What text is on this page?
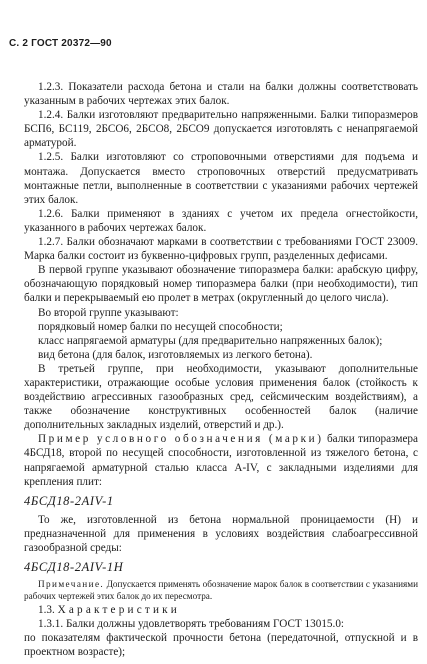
С. 2 ГОСТ 20372—90

1.2.3. Показатели расхода бетона и стали на балки должны соответствовать указанным в рабочих чертежах этих балок.

1.2.4. Балки изготовляют предварительно напряженными. Балки типоразмеров БСП6, БС119, 2БСО6, 2БСО8, 2БСО9 допускается изготовлять с ненапрягаемой арматурой.

1.2.5. Балки изготовляют со строповочными отверстиями для подъема и монтажа. Допускается вместо строповочных отверстий предусматривать монтажные петли, выполненные в соответствии с указаниями рабочих чертежей этих балок.

1.2.6. Балки применяют в зданиях с учетом их предела огнестойкости, указанного в рабочих чертежах балок.

1.2.7. Балки обозначают марками в соответствии с требованиями ГОСТ 23009. Марка балки состоит из буквенно-цифровых групп, разделенных дефисами.

В первой группе указывают обозначение типоразмера балки: арабскую цифру, обозначающую порядковый номер типоразмера балки (при необходимости), тип балки и перекрываемый ею пролет в метрах (округленный до целого числа).

Во второй группе указывают:

порядковый номер балки по несущей способности;

класс напрягаемой арматуры (для предварительно напряженных балок);

вид бетона (для балок, изготовляемых из легкого бетона).

В третьей группе, при необходимости, указывают дополнительные характеристики, отражающие особые условия применения балок (стойкость к воздействию агрессивных газообразных сред, сейсмическим воздействиям), а также обозначение конструктивных особенностей балок (наличие дополнительных закладных изделий, отверстий и др.).

Пример условного обозначения (марки) балки типоразмера 4БСД18, второй по несущей способности, изготовленной из тяжелого бетона, с напрягаемой арматурной сталью класса A-IV, с закладными изделиями для крепления плит:

4БСД18-2AIV-1

То же, изготовленной из бетона нормальной проницаемости (Н) и предназначенной для применения в условиях воздействия слабоагрессивной газообразной среды:

4БСД18-2AIV-1Н

Примечание. Допускается применять обозначение марок балок в соответствии с указаниями рабочих чертежей этих балок до их пересмотра.

1.3. Характеристики

1.3.1. Балки должны удовлетворять требованиям ГОСТ 13015.0:

по показателям фактической прочности бетона (передаточной, отпускной и в проектном возрасте);
